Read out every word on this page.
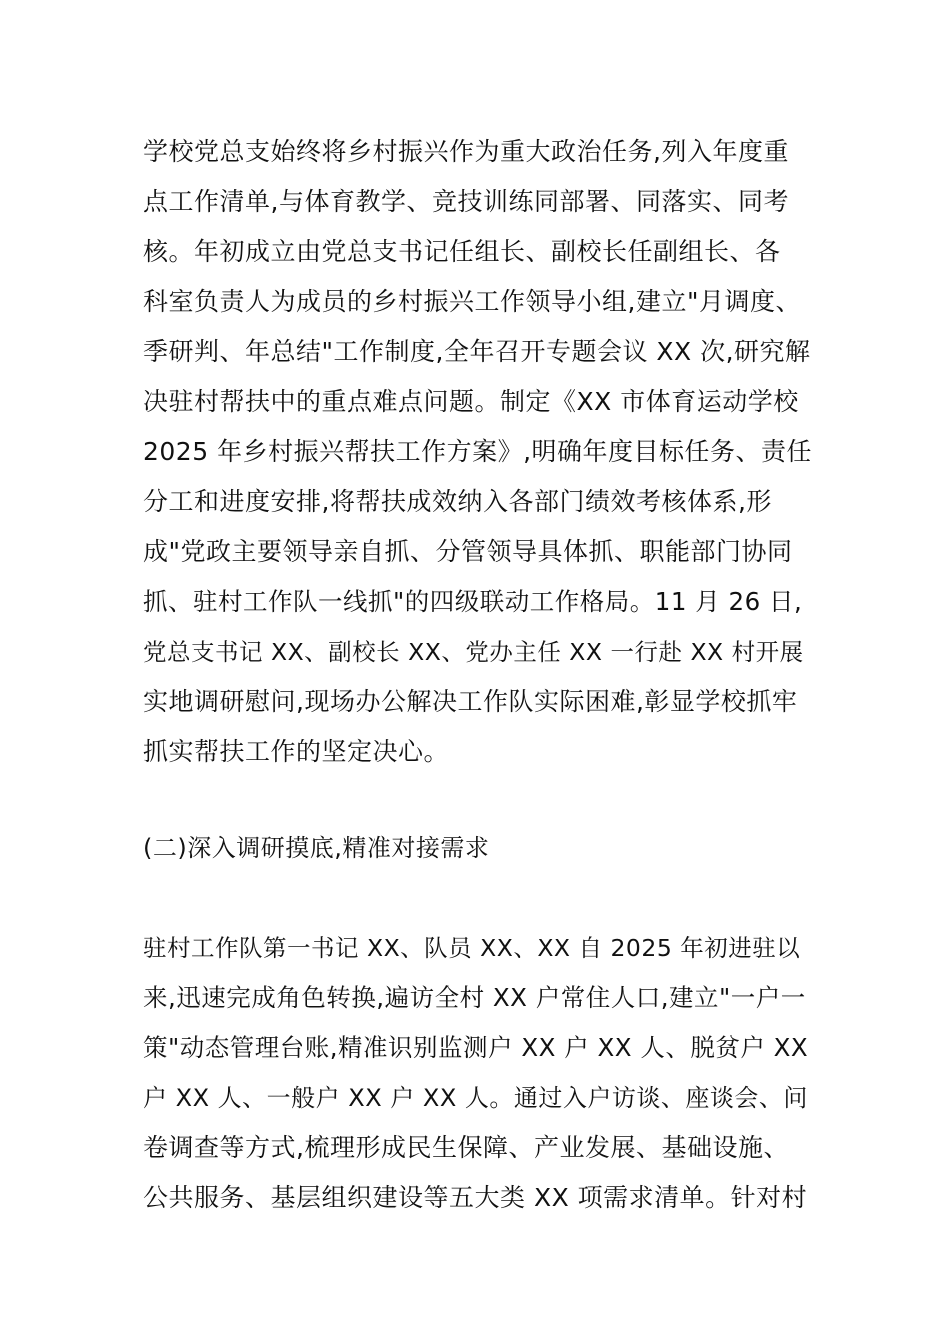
学校党总支始终将乡村振兴作为重大政治任务,列入年度重
点工作清单,与体育教学、竞技训练同部署、同落实、同考
核。年初成立由党总支书记任组长、副校长任副组长、各
科室负责人为成员的乡村振兴工作领导小组,建立"月调度、
季研判、年总结"工作制度,全年召开专题会议 XX 次,研究解
决驻村帮扶中的重点难点问题。制定《XX 市体育运动学校
2025 年乡村振兴帮扶工作方案》,明确年度目标任务、责任
分工和进度安排,将帮扶成效纳入各部门绩效考核体系,形
成"党政主要领导亲自抓、分管领导具体抓、职能部门协同
抓、驻村工作队一线抓"的四级联动工作格局。11 月 26 日,
党总支书记 XX、副校长 XX、党办主任 XX 一行赴 XX 村开展
实地调研慰问,现场办公解决工作队实际困难,彰显学校抓牢
抓实帮扶工作的坚定决心。
(二)深入调研摸底,精准对接需求
驻村工作队第一书记 XX、队员 XX、XX 自 2025 年初进驻以
来,迅速完成角色转换,遍访全村 XX 户常住人口,建立"一户一
策"动态管理台账,精准识别监测户 XX 户 XX 人、脱贫户 XX
户 XX 人、一般户 XX 户 XX 人。通过入户访谈、座谈会、问
卷调查等方式,梳理形成民生保障、产业发展、基础设施、
公共服务、基层组织建设等五大类 XX 项需求清单。针对村
